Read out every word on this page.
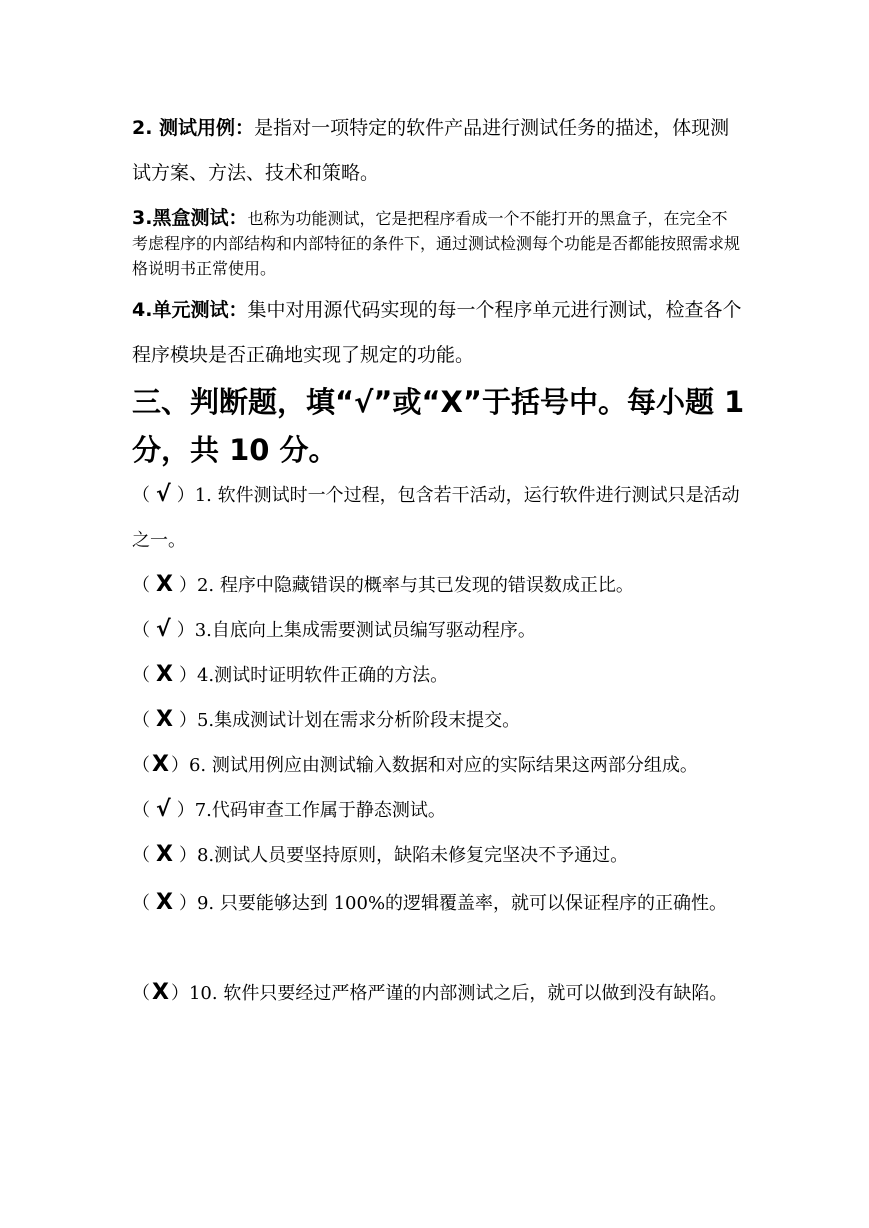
2. 测试用例：是指对一项特定的软件产品进行测试任务的描述，体现测试方案、方法、技术和策略。

3.黑盒测试：也称为功能测试，它是把程序看成一个不能打开的黑盒子，在完全不考虑程序的内部结构和内部特征的条件下，通过测试检测每个功能是否都能按照需求规格说明书正常使用。

4.单元测试：集中对用源代码实现的每一个程序单元进行测试，检查各个程序模块是否正确地实现了规定的功能。

三、判断题，填“√”或“X”于括号中。每小题 1 分，共 10 分。

（ √ ）1. 软件测试时一个过程，包含若干活动，运行软件进行测试只是活动之一。

（ X ）2. 程序中隐藏错误的概率与其已发现的错误数成正比。

（ √ ）3.自底向上集成需要测试员编写驱动程序。

（ X ）4.测试时证明软件正确的方法。

（ X ）5.集成测试计划在需求分析阶段末提交。

（X ）6. 测试用例应由测试输入数据和对应的实际结果这两部分组成。

（ √ ）7.代码审查工作属于静态测试。

（ X ）8.测试人员要坚持原则，缺陷未修复完坚决不予通过。

（ X ）9. 只要能够达到 100%的逻辑覆盖率，就可以保证程序的正确性。

（X ）10. 软件只要经过严格严谨的内部测试之后，就可以做到没有缺陷。
